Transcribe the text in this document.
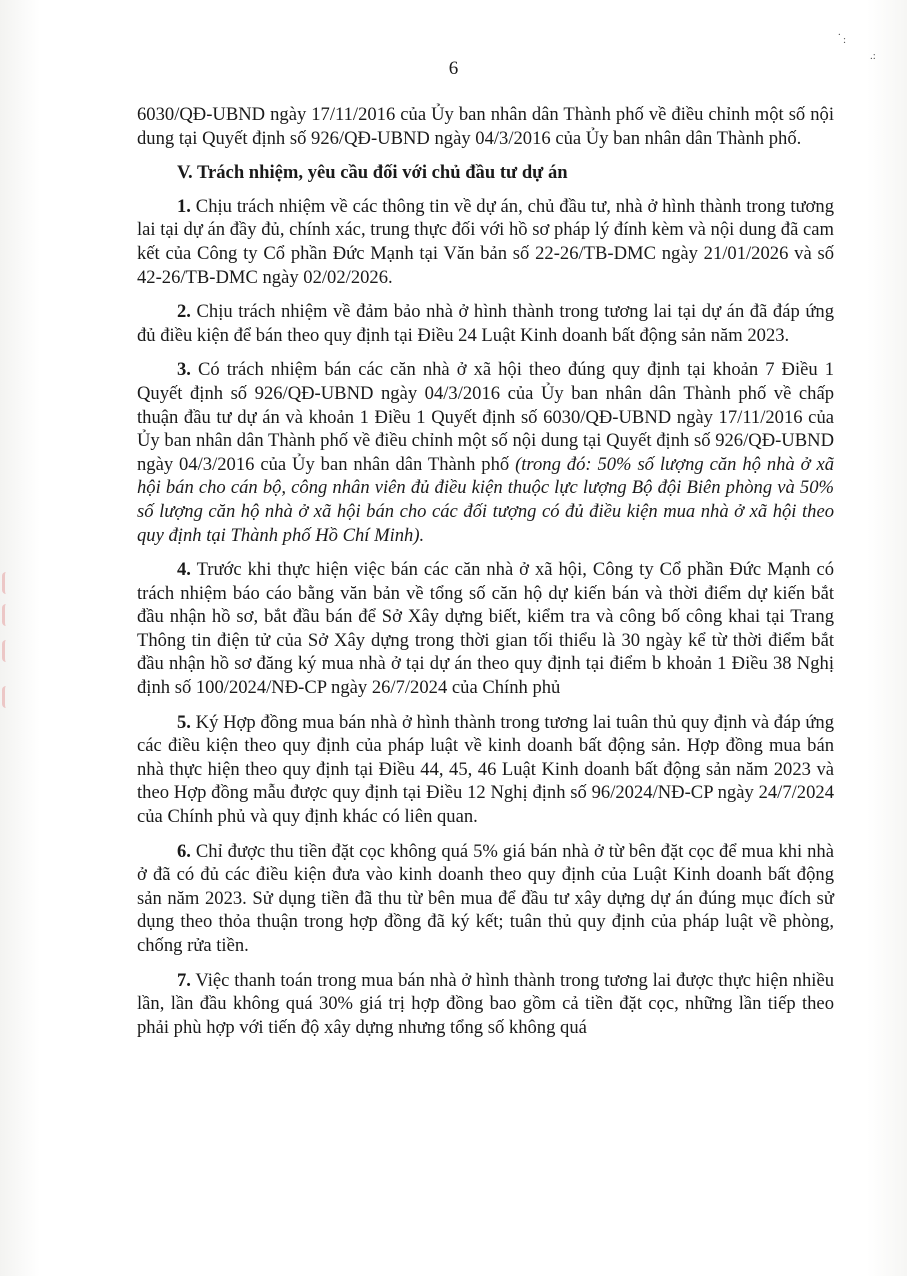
6
.
:
.:

6030/QĐ-UBND ngày 17/11/2016 của Ủy ban nhân dân Thành phố về điều chỉnh một số nội dung tại Quyết định số 926/QĐ-UBND ngày 04/3/2016 của Ủy ban nhân dân Thành phố.

V. Trách nhiệm, yêu cầu đối với chủ đầu tư dự án

1. Chịu trách nhiệm về các thông tin về dự án, chủ đầu tư, nhà ở hình thành trong tương lai tại dự án đầy đủ, chính xác, trung thực đối với hồ sơ pháp lý đính kèm và nội dung đã cam kết của Công ty Cổ phần Đức Mạnh tại Văn bản số 22-26/TB-DMC ngày 21/01/2026 và số 42-26/TB-DMC ngày 02/02/2026.

2. Chịu trách nhiệm về đảm bảo nhà ở hình thành trong tương lai tại dự án đã đáp ứng đủ điều kiện để bán theo quy định tại Điều 24 Luật Kinh doanh bất động sản năm 2023.

3. Có trách nhiệm bán các căn nhà ở xã hội theo đúng quy định tại khoản 7 Điều 1 Quyết định số 926/QĐ-UBND ngày 04/3/2016 của Ủy ban nhân dân Thành phố về chấp thuận đầu tư dự án và khoản 1 Điều 1 Quyết định số 6030/QĐ-UBND ngày 17/11/2016 của Ủy ban nhân dân Thành phố về điều chỉnh một số nội dung tại Quyết định số 926/QĐ-UBND ngày 04/3/2016 của Ủy ban nhân dân Thành phố (trong đó: 50% số lượng căn hộ nhà ở xã hội bán cho cán bộ, công nhân viên đủ điều kiện thuộc lực lượng Bộ đội Biên phòng và 50% số lượng căn hộ nhà ở xã hội bán cho các đối tượng có đủ điều kiện mua nhà ở xã hội theo quy định tại Thành phố Hồ Chí Minh).

4. Trước khi thực hiện việc bán các căn nhà ở xã hội, Công ty Cổ phần Đức Mạnh có trách nhiệm báo cáo bằng văn bản về tổng số căn hộ dự kiến bán và thời điểm dự kiến bắt đầu nhận hồ sơ, bắt đầu bán để Sở Xây dựng biết, kiểm tra và công bố công khai tại Trang Thông tin điện tử của Sở Xây dựng trong thời gian tối thiểu là 30 ngày kể từ thời điểm bắt đầu nhận hồ sơ đăng ký mua nhà ở tại dự án theo quy định tại điểm b khoản 1 Điều 38 Nghị định số 100/2024/NĐ-CP ngày 26/7/2024 của Chính phủ

5. Ký Hợp đồng mua bán nhà ở hình thành trong tương lai tuân thủ quy định và đáp ứng các điều kiện theo quy định của pháp luật về kinh doanh bất động sản. Hợp đồng mua bán nhà thực hiện theo quy định tại Điều 44, 45, 46 Luật Kinh doanh bất động sản năm 2023 và theo Hợp đồng mẫu được quy định tại Điều 12 Nghị định số 96/2024/NĐ-CP ngày 24/7/2024 của Chính phủ và quy định khác có liên quan.

6. Chỉ được thu tiền đặt cọc không quá 5% giá bán nhà ở từ bên đặt cọc để mua khi nhà ở đã có đủ các điều kiện đưa vào kinh doanh theo quy định của Luật Kinh doanh bất động sản năm 2023. Sử dụng tiền đã thu từ bên mua để đầu tư xây dựng dự án đúng mục đích sử dụng theo thỏa thuận trong hợp đồng đã ký kết; tuân thủ quy định của pháp luật về phòng, chống rửa tiền.

7. Việc thanh toán trong mua bán nhà ở hình thành trong tương lai được thực hiện nhiều lần, lần đầu không quá 30% giá trị hợp đồng bao gồm cả tiền đặt cọc, những lần tiếp theo phải phù hợp với tiến độ xây dựng nhưng tổng số không quá
